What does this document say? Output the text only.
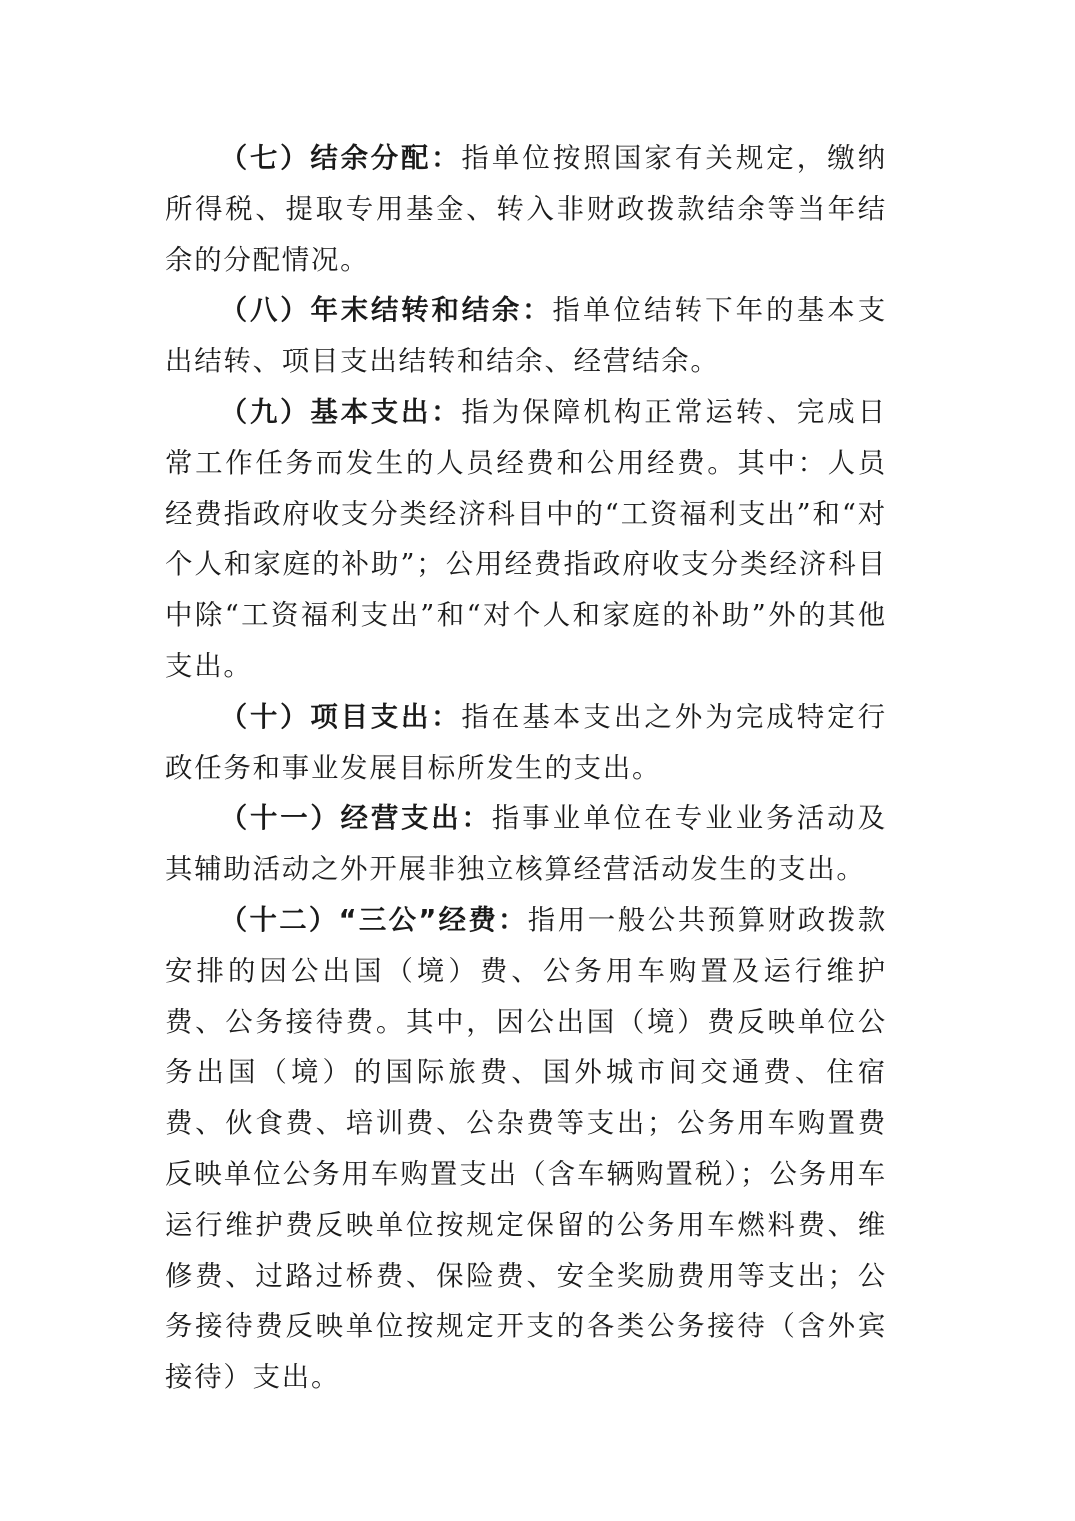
（七）结余分配：指单位按照国家有关规定，缴纳所得税、提取专用基金、转入非财政拨款结余等当年结余的分配情况。

（八）年末结转和结余：指单位结转下年的基本支出结转、项目支出结转和结余、经营结余。

（九）基本支出：指为保障机构正常运转、完成日常工作任务而发生的人员经费和公用经费。其中：人员经费指政府收支分类经济科目中的“工资福利支出”和“对个人和家庭的补助”；公用经费指政府收支分类经济科目中除“工资福利支出”和“对个人和家庭的补助”外的其他支出。

（十）项目支出：指在基本支出之外为完成特定行政任务和事业发展目标所发生的支出。

（十一）经营支出：指事业单位在专业业务活动及其辅助活动之外开展非独立核算经营活动发生的支出。

（十二）“三公”经费：指用一般公共预算财政拨款安排的因公出国（境）费、公务用车购置及运行维护费、公务接待费。其中，因公出国（境）费反映单位公务出国（境）的国际旅费、国外城市间交通费、住宿费、伙食费、培训费、公杂费等支出；公务用车购置费反映单位公务用车购置支出（含车辆购置税）；公务用车运行维护费反映单位按规定保留的公务用车燃料费、维修费、过路过桥费、保险费、安全奖励费用等支出；公务接待费反映单位按规定开支的各类公务接待（含外宾接待）支出。
